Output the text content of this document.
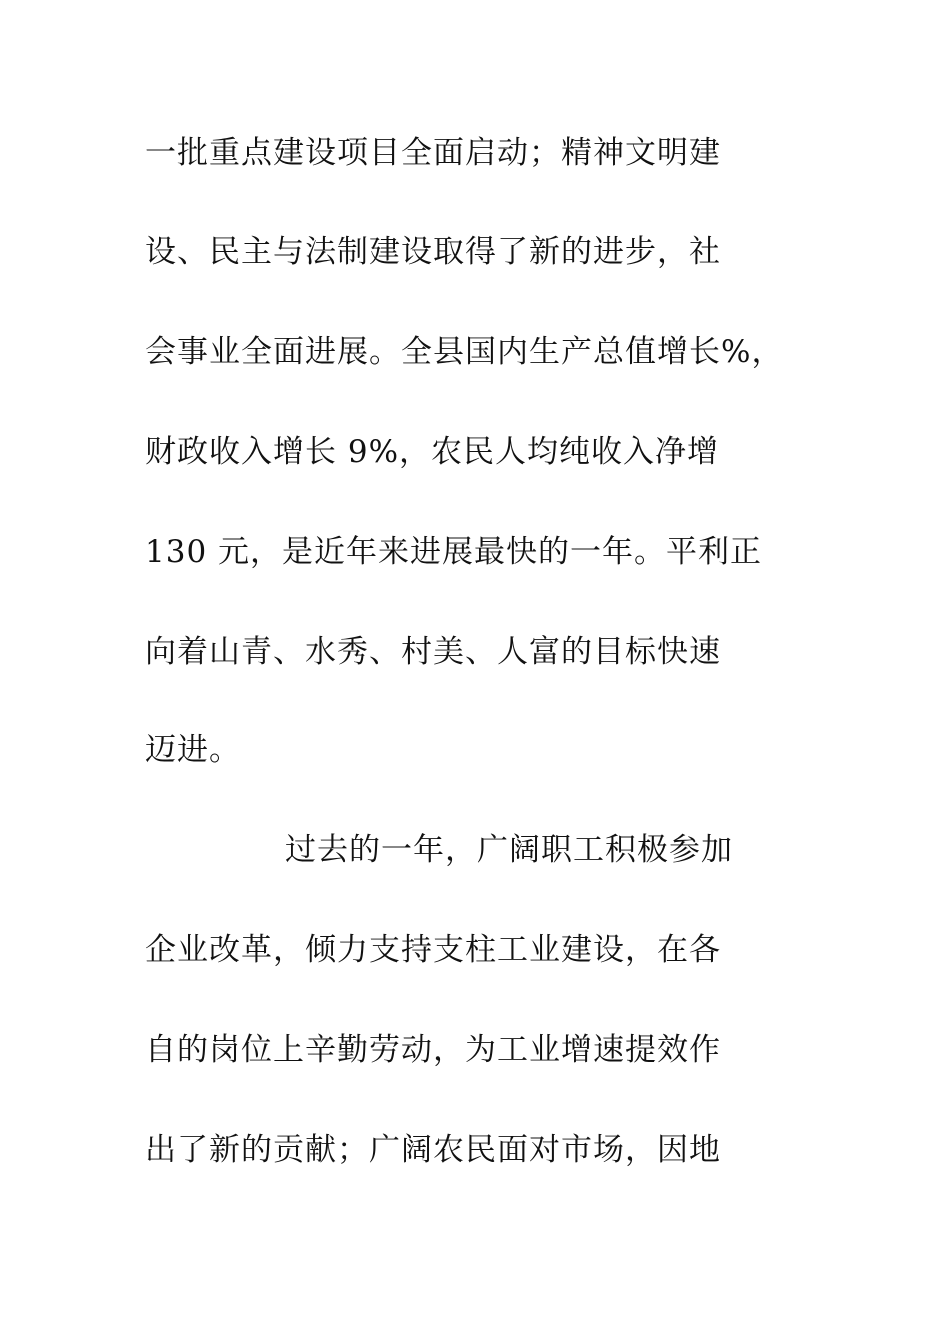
一批重点建设项目全面启动；精神文明建
设、民主与法制建设取得了新的进步，社
会事业全面进展。全县国内生产总值增长%，
财政收入增长 9%，农民人均纯收入净增
130 元，是近年来进展最快的一年。平利正
向着山青、水秀、村美、人富的目标快速
迈进。
过去的一年，广阔职工积极参加
企业改革，倾力支持支柱工业建设，在各
自的岗位上辛勤劳动，为工业增速提效作
出了新的贡献；广阔农民面对市场，因地
